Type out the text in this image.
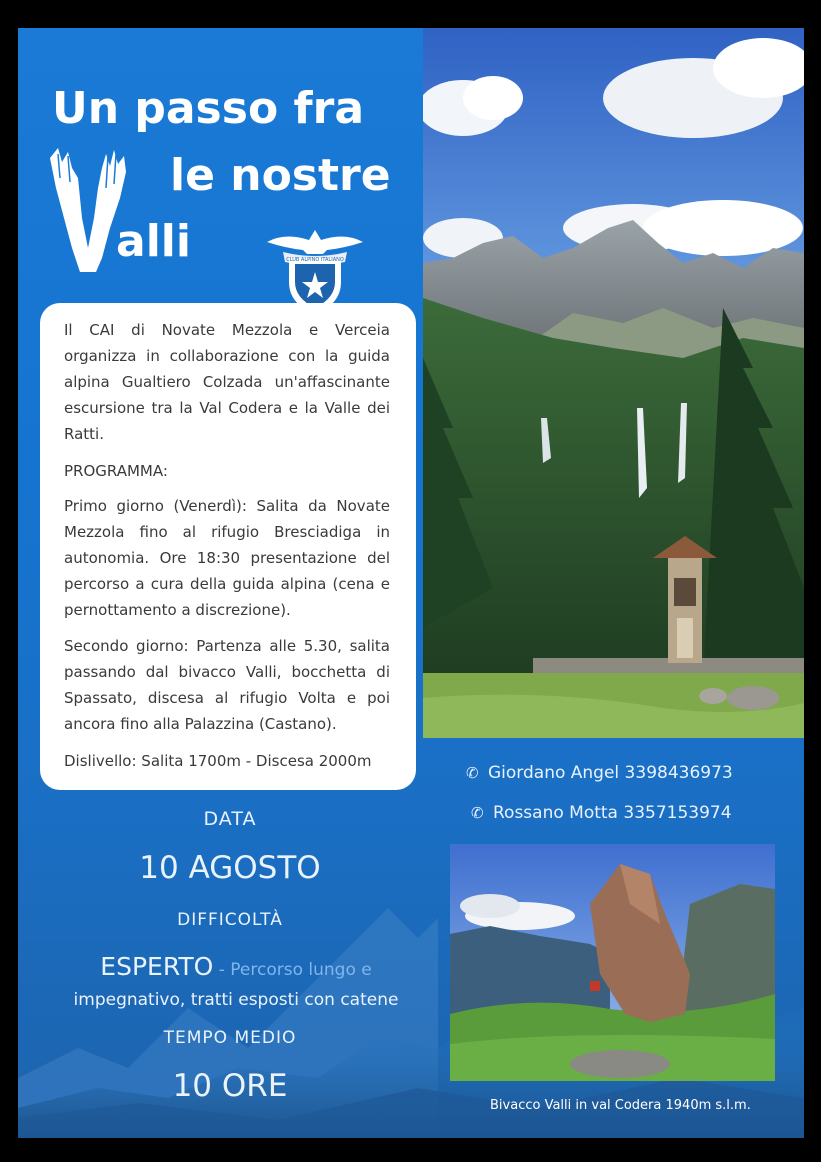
Un passo fra
le nostre
alli	CLUB ALPINO ITALIANO
Il CAI di Novate Mezzola e Verceia organizza in collaborazione con la guida alpina Gualtiero Colzada un'affascinante escursione tra la Val Codera e la Valle dei Ratti.
PROGRAMMA:
Primo giorno (Venerdì): Salita da Novate Mezzola fino al rifugio Bresciadiga in autonomia. Ore 18:30 presentazione del percorso a cura della guida alpina (cena e pernottamento a discrezione).
Secondo giorno: Partenza alle 5.30, salita passando dal bivacco Valli, bocchetta di Spassato, discesa al rifugio Volta e poi ancora fino alla Palazzina (Castano).
Dislivello: Salita 1700m - Discesa 2000m
✆ Giordano Angel 3398436973
✆ Rossano Motta 3357153974
DATA
10 AGOSTO
DIFFICOLTÀ
ESPERTO - Percorso lungo e
impegnativo, tratti esposti con catene
TEMPO MEDIO
10 ORE
Bivacco Valli in val Codera 1940m s.l.m.
